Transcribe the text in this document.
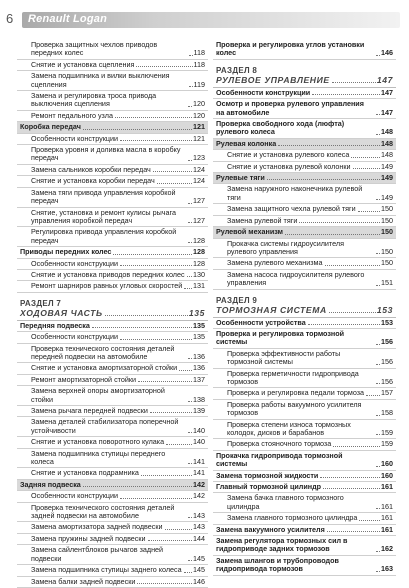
6 Renault Logan
Проверка защитных чехлов приводов передних колес	118
Снятие и установка сцепления	118
Замена подшипника и вилки выключения сцепления	119
Замена и регулировка троса привода выключения сцепления	120
Ремонт педального узла	120
Коробка передач	121
Особенности конструкции	121
Проверка уровня и доливка масла в коробку передач	123
Замена сальников коробки передач	124
Снятие и установка коробки передач	124
Замена тяги привода управления коробкой передач	127
Снятие, установка и ремонт кулисы рычага управления коробкой передач	127
Регулировка привода управления коробкой передач	128
Приводы передних колес	128
Особенности конструкции	128
Снятие и установка приводов передних колес 130
Ремонт шарниров равных угловых скоростей 131
РАЗДЕЛ 7
ХОДОВАЯ ЧАСТЬ	135
Передняя подвеска	135
Особенности конструкции	135
Проверка технического состояния деталей передней подвески на автомобиле	136
Снятие и установка амортизаторной стойки 136
Ремонт амортизаторной стойки	137
Замена верхней опоры амортизаторной стойки	138
Замена рычага передней подвески	139
Замена деталей стабилизатора поперечной устойчивости	140
Снятие и установка поворотного кулака	140
Замена подшипника ступицы переднего колеса	141
Снятие и установка подрамника	141
Задняя подвеска	142
Особенности конструкции	142
Проверка технического состояния деталей задней подвески на автомобиле	143
Замена амортизатора задней подвески	143
Замена пружины задней подвески	144
Замена сайлентблоков рычагов задней подвески	145
Замена подшипника ступицы заднего колеса 145
Замена балки задней подвески	146
Проверка и регулировка углов установки колес	146
РАЗДЕЛ 8
РУЛЕВОЕ УПРАВЛЕНИЕ	147
Особенности конструкции	147
Осмотр и проверка рулевого управления на автомобиле	147
Проверка свободного хода (люфта) рулевого колеса	148
Рулевая колонка	148
Снятие и установка рулевого колеса	148
Снятие и установка рулевой колонки	149
Рулевые тяги	149
Замена наружного наконечника рулевой тяги	149
Замена защитного чехла рулевой тяги	150
Замена рулевой тяги	150
Рулевой механизм	150
Прокачка системы гидроусилителя рулевого управления	150
Замена рулевого механизма	150
Замена насоса гидроусилителя рулевого управления	151
РАЗДЕЛ 9
ТОРМОЗНАЯ СИСТЕМА	153
Особенности устройства	153
Проверка и регулировка тормозной системы	156
Проверка эффективности работы тормозной системы	156
Проверка герметичности гидропривода тормозов	156
Проверка и регулировка педали тормоза 157
Проверка работы вакуумного усилителя тормозов	158
Проверка степени износа тормозных колодок, дисков и барабанов	159
Проверка стояночного тормоза	159
Прокачка гидропривода тормозной системы	160
Замена тормозной жидкости	160
Главный тормозной цилиндр	161
Замена бачка главного тормозного цилиндра	161
Замена главного тормозного цилиндра	161
Замена вакуумного усилителя	161
Замена регулятора тормозных сил в гидроприводе задних тормозов	162
Замена шлангов и трубопроводов гидропривода тормозов	163
